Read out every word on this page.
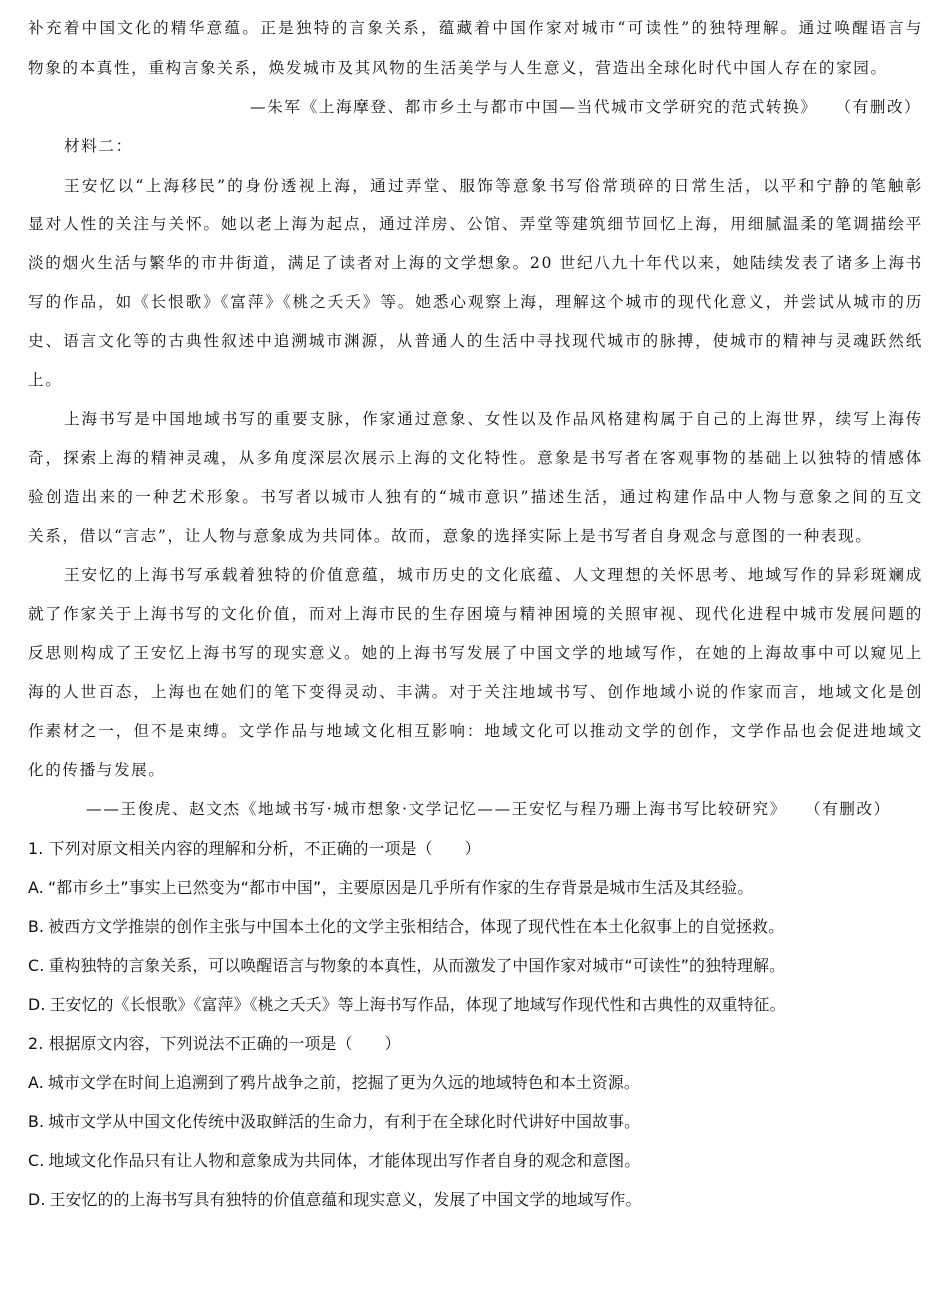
补充着中国文化的精华意蕴。正是独特的言象关系，蕴藏着中国作家对城市“可读性”的独特理解。通过唤醒语言与
物象的本真性，重构言象关系，焕发城市及其风物的生活美学与人生意义，营造出全球化时代中国人存在的家园。
—朱军《上海摩登、都市乡土与都市中国—当代城市文学研究的范式转换》 （有删改）
材料二：
王安忆以“上海移民”的身份透视上海，通过弄堂、服饰等意象书写俗常琐碎的日常生活，以平和宁静的笔触彰
显对人性的关注与关怀。她以老上海为起点，通过洋房、公馆、弄堂等建筑细节回忆上海，用细腻温柔的笔调描绘平
淡的烟火生活与繁华的市井街道，满足了读者对上海的文学想象。20 世纪八九十年代以来，她陆续发表了诸多上海书
写的作品，如《长恨歌》《富萍》《桃之夭夭》等。她悉心观察上海，理解这个城市的现代化意义，并尝试从城市的历
史、语言文化等的古典性叙述中追溯城市渊源，从普通人的生活中寻找现代城市的脉搏，使城市的精神与灵魂跃然纸
上。
上海书写是中国地域书写的重要支脉，作家通过意象、女性以及作品风格建构属于自己的上海世界，续写上海传
奇，探索上海的精神灵魂，从多角度深层次展示上海的文化特性。意象是书写者在客观事物的基础上以独特的情感体
验创造出来的一种艺术形象。书写者以城市人独有的“城市意识”描述生活，通过构建作品中人物与意象之间的互文
关系，借以“言志”，让人物与意象成为共同体。故而，意象的选择实际上是书写者自身观念与意图的一种表现。
王安忆的上海书写承载着独特的价值意蕴，城市历史的文化底蕴、人文理想的关怀思考、地域写作的异彩斑斓成
就了作家关于上海书写的文化价值，而对上海市民的生存困境与精神困境的关照审视、现代化进程中城市发展问题的
反思则构成了王安忆上海书写的现实意义。她的上海书写发展了中国文学的地域写作，在她的上海故事中可以窥见上
海的人世百态，上海也在她们的笔下变得灵动、丰满。对于关注地域书写、创作地域小说的作家而言，地域文化是创
作素材之一，但不是束缚。文学作品与地域文化相互影响：地域文化可以推动文学的创作，文学作品也会促进地域文
化的传播与发展。
——王俊虎、赵文杰《地域书写·城市想象·文学记忆——王安忆与程乃珊上海书写比较研究》 （有删改）
1. 下列对原文相关内容的理解和分析，不正确的一项是（　　）
A. “都市乡土”事实上已然变为“都市中国”，主要原因是几乎所有作家的生存背景是城市生活及其经验。
B. 被西方文学推崇的创作主张与中国本土化的文学主张相结合，体现了现代性在本土化叙事上的自觉拯救。
C. 重构独特的言象关系，可以唤醒语言与物象的本真性，从而激发了中国作家对城市“可读性”的独特理解。
D. 王安忆的《长恨歌》《富萍》《桃之夭夭》等上海书写作品，体现了地域写作现代性和古典性的双重特征。
2. 根据原文内容，下列说法不正确的一项是（　　）
A. 城市文学在时间上追溯到了鸦片战争之前，挖掘了更为久远的地域特色和本土资源。
B. 城市文学从中国文化传统中汲取鲜活的生命力，有利于在全球化时代讲好中国故事。
C. 地域文化作品只有让人物和意象成为共同体，才能体现出写作者自身的观念和意图。
D. 王安忆的的上海书写具有独特的价值意蕴和现实意义，发展了中国文学的地域写作。
